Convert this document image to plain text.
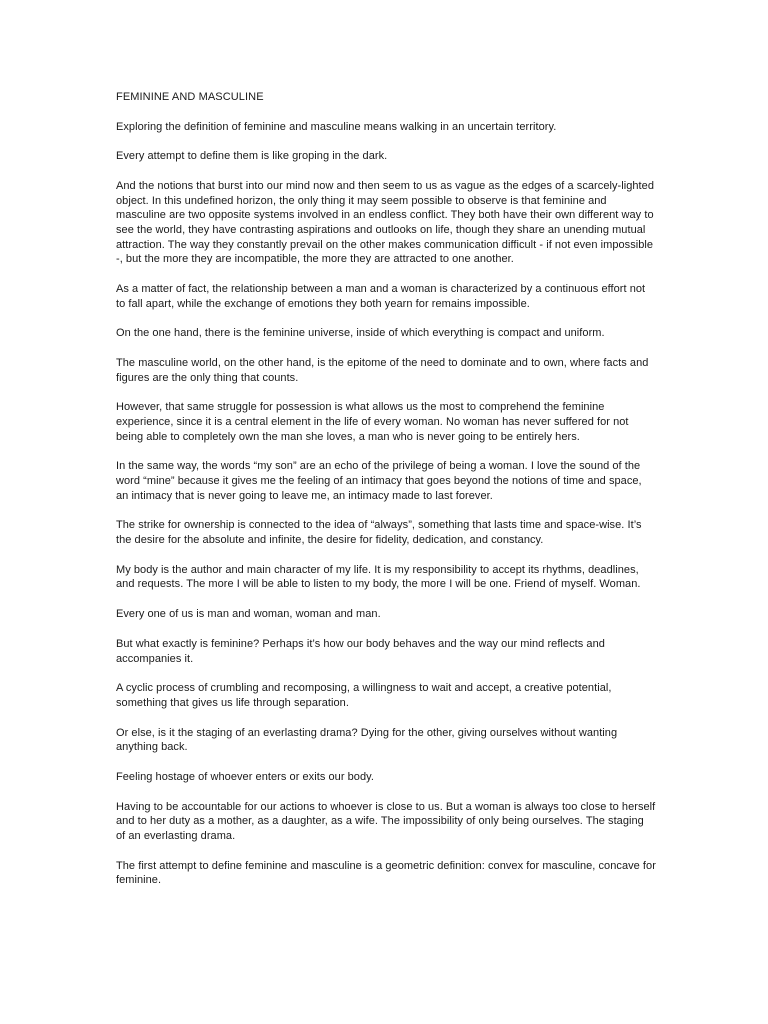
FEMININE AND MASCULINE

Exploring the definition of feminine and masculine means walking in an uncertain territory.

Every attempt to define them is like groping in the dark.

And the notions that burst into our mind now and then seem to us as vague as the edges of a scarcely-lighted object. In this undefined horizon, the only thing it may seem possible to observe is that feminine and masculine are two opposite systems involved in an endless conflict. They both have their own different way to see the world, they have contrasting aspirations and outlooks on life, though they share an unending mutual attraction. The way they constantly prevail on the other makes communication difficult - if not even impossible -, but the more they are incompatible, the more they are attracted to one another.

As a matter of fact, the relationship between a man and a woman is characterized by a continuous effort not to fall apart, while the exchange of emotions they both yearn for remains impossible.

On the one hand, there is the feminine universe, inside of which everything is compact and uniform.

The masculine world, on the other hand, is the epitome of the need to dominate and to own, where facts and figures are the only thing that counts.

However, that same struggle for possession is what allows us the most to comprehend the feminine experience, since it is a central element in the life of every woman. No woman has never suffered for not being able to completely own the man she loves, a man who is never going to be entirely hers.

In the same way, the words “my son” are an echo of the privilege of being a woman. I love the sound of the word “mine” because it gives me the feeling of an intimacy that goes beyond the notions of time and space, an intimacy that is never going to leave me, an intimacy made to last forever.

The strike for ownership is connected to the idea of “always”, something that lasts time and space-wise. It’s the desire for the absolute and infinite, the desire for fidelity, dedication, and constancy.

My body is the author and main character of my life. It is my responsibility to accept its rhythms, deadlines, and requests. The more I will be able to listen to my body, the more I will be one. Friend of myself. Woman.

Every one of us is man and woman, woman and man.

But what exactly is feminine? Perhaps it’s how our body behaves and the way our mind reflects and accompanies it.

A cyclic process of crumbling and recomposing, a willingness to wait and accept, a creative potential, something that gives us life through separation.

Or else, is it the staging of an everlasting drama? Dying for the other, giving ourselves without wanting anything back.

Feeling hostage of whoever enters or exits our body.

Having to be accountable for our actions to whoever is close to us. But a woman is always too close to herself and to her duty as a mother, as a daughter, as a wife. The impossibility of only being ourselves. The staging of an everlasting drama.

The first attempt to define feminine and masculine is a geometric definition: convex for masculine, concave for feminine.
